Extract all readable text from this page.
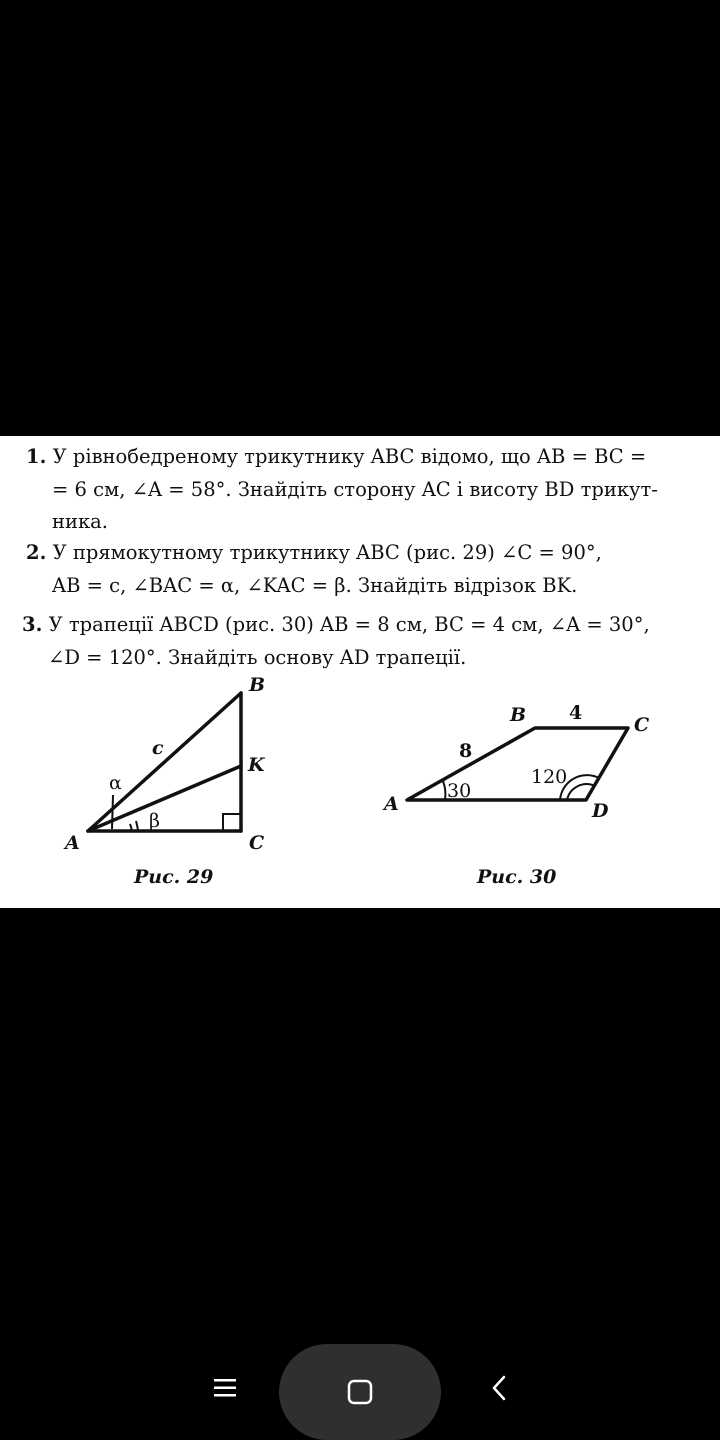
1. У рівнобедреному трикутнику ABC відомо, що AB = BC =
= 6 см, ∠A = 58°. Знайдіть сторону AC і висоту BD трикут-
ника.
2. У прямокутному трикутнику ABC (рис. 29) ∠C = 90°,
AB = c, ∠BAC = α, ∠KAC = β. Знайдіть відрізок BK.
3. У трапеції ABCD (рис. 30) AB = 8 см, BC = 4 см, ∠A = 30°,
∠D = 120°. Знайдіть основу AD трапеції.
A
B
C
K
c
α
β
Рис. 29
A
B	C
D
8
4
30
120
Рис. 30
